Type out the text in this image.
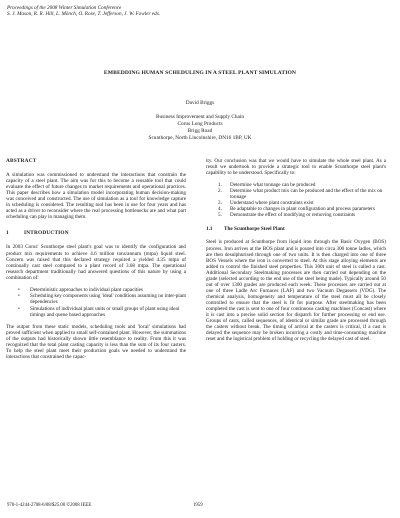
Proceedings of the 2008 Winter Simulation Conference
S. J. Mason, R. R. Hill, L. Mönch, O. Rose, T. Jefferson, J. W. Fowler eds.
EMBEDDING HUMAN SCHEDULING IN A STEEL PLANT SIMULATION
David Briggs
Business Improvement and Supply Chain
Corus Long Products
Brigg Road
Scunthorpe, North Lincolnshire, DN16 1BP, UK
ABSTRACT

A simulation was commissioned to understand the interactions that constrain the capacity of a steel plant. The aim was for this to become a reusable tool that could evaluate the effect of future changes to market requirements and operational practices. This paper describes how a simulation model incorporating human decision-making was conceived and constructed. The use of simulation as a tool for knowledge capture in scheduling is considered. The resulting tool has been in use for four years and has acted as a driver to reconsider where the real processing bottlenecks are and what part scheduling can play in managing them.

1	INTRODUCTION

In 2003 Corus' Scunthorpe steel plant's goal was to identify the configuration and product mix requirements to achieve 4.6 million tons/annum (mtpa) liquid steel. Concern was raised that this declared strategy required a yielded 4.35 mtpa of continually cast steel compared to a plant record of 3.68 mtpa. The operational research department traditionally had answered questions of this nature by using a combination of:

• Deterministic approaches to individual plant capacities
• Scheduling key components using 'ideal' conditions assuming no inter-plant dependencies
• Simulations of individual plant units or small groups of plant using ideal timings and queue based approaches

The output from these static models, scheduling tools and 'local' simulations had proved sufficient when applied to small self-contained plant. However, the summations of the outputs had historically shown little resemblance to reality. From this it was recognized that the total plant casting capacity is less than the sum of its four casters. To help the steel plant meet their production goals we needed to understand the interactions that constrained the capac-

ity. Our conclusion was that we would have to simulate the whole steel plant. As a result we undertook to provide a strategic tool to enable Scunthorpe steel plant's capability to be understood. Specifically to:

1. Determine what tonnage can be produced
2. Determine what product mix can be produced and the effect of the mix on tonnage
3. Understand where plant constraints exist
4. Be adaptable to changes in plant configuration and process parameters
5. Demonstrate the effect of modifying or removing constraints
1.1 The Scunthorpe Steel Plant

Steel is produced at Scunthorpe from liquid iron through the Basic Oxygen (BOS) process. Iron arrives at the BOS plant and is poured into circa 300 tonne ladles, which are then desulphurised through one of two units. It is then charged into one of three BOS Vessels where the iron is converted to steel. At this stage alloying elements are added to control the finished steel properties. This 300t unit of steel is called a cast. Additional Secondary Steelmaking processes are then carried out depending on the grade (selected according to the end use of the steel being made). Typically around 50 out of over 1300 grades are produced each week. These processes are carried out at one of three Ladle Arc Furnaces (LAF) and two Vacuum Degassers (VDG). The chemical analysis, homogeneity and temperature of the steel must all be closely controlled to ensure that the steel is fit for purpose. After steelmaking has been completed the cast is sent to one of four continuous casting machines (Concast) where it is cast into a precise solid section for dispatch for further processing or end use. Groups of casts, called sequences, of identical or similar grade are processed through the casters without break. The timing of arrival at the casters is critical, if a cast is delayed the sequence may be broken incurring a costly and time-consuming machine reset and the logistical problem of holding or recycling the delayed cast of steel.

978-1-4244-2708-6/08/$25.00 ©2008 IEEE	1959
